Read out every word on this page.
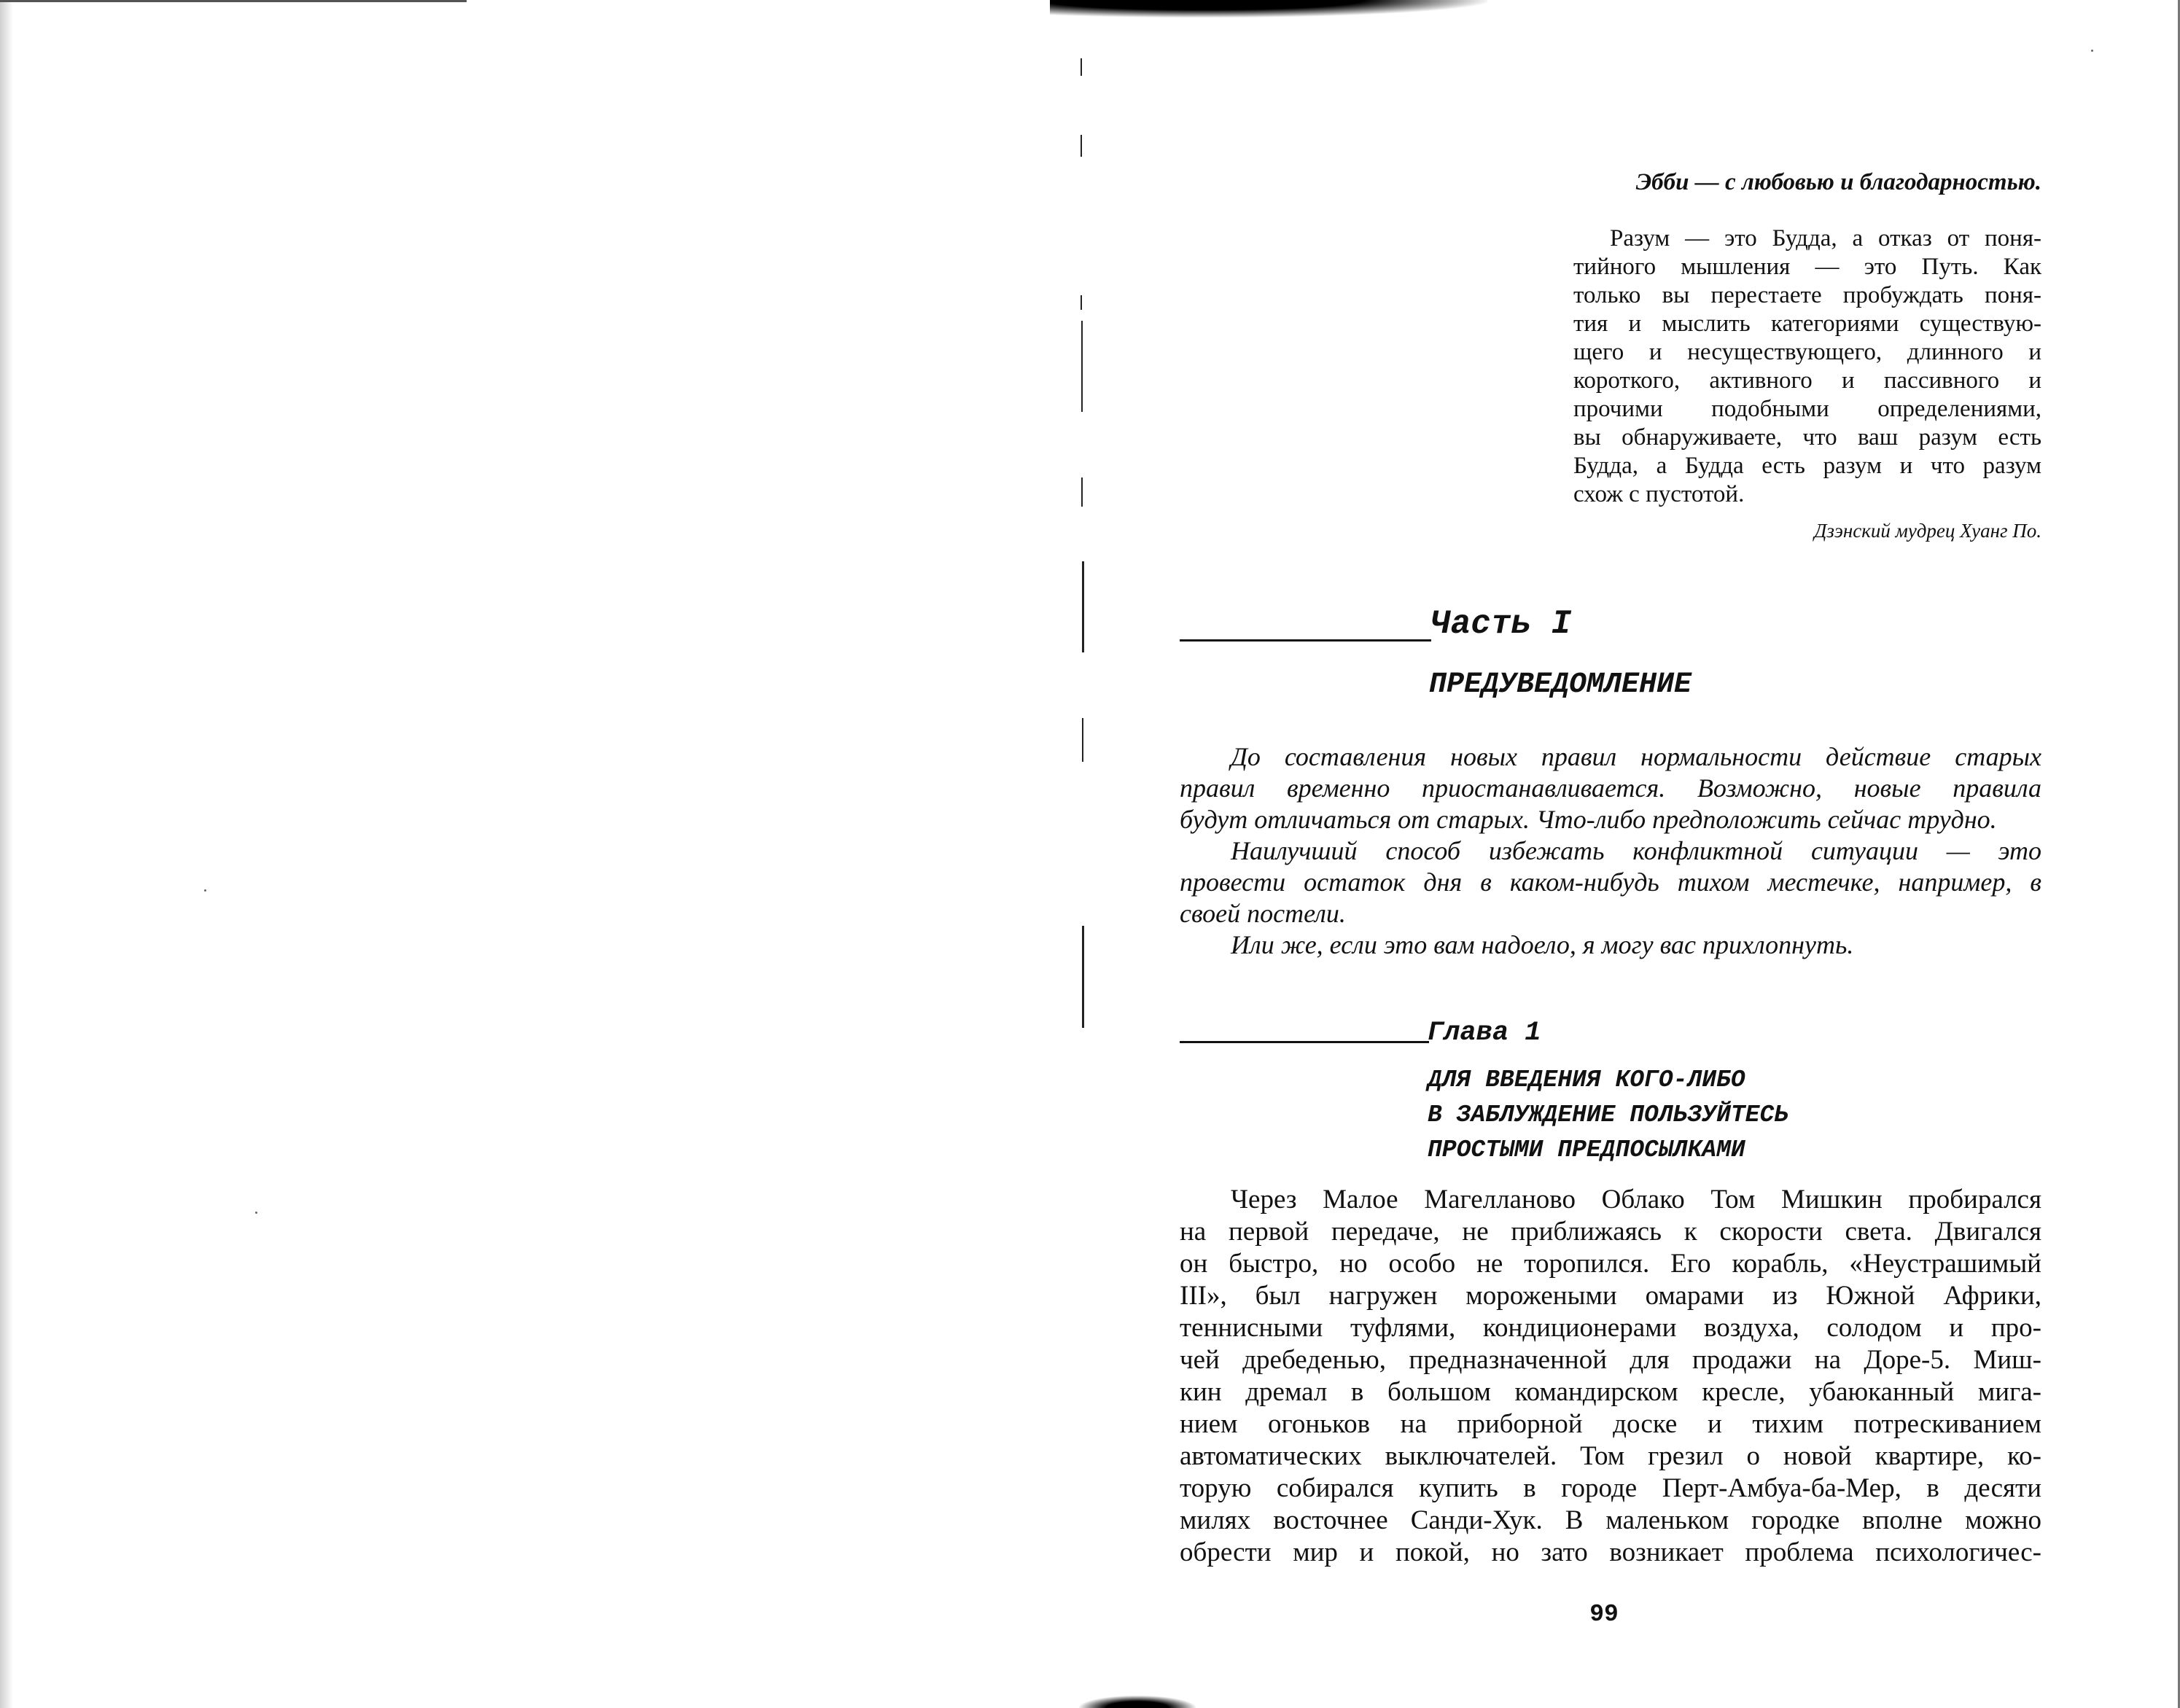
Эбби — с любовью и благодарностью.

Разум — это Будда, а отказ от поня-
тийного мышления — это Путь. Как
только вы перестаете пробуждать поня-
тия и мыслить категориями существую-
щего и несуществующего, длинного и
короткого, активного и пассивного и
прочими подобными определениями,
вы обнаруживаете, что ваш разум есть
Будда, а Будда есть разум и что разум
схож с пустотой.

Дзэнский мудрец Хуанг По.

Часть I
ПРЕДУВЕДОМЛЕНИЕ
До составления новых правил нормальности действие старых
правил временно приостанавливается. Возможно, новые правила
будут отличаться от старых. Что-либо предположить сейчас трудно.
Наилучший способ избежать конфликтной ситуации — это
провести остаток дня в каком-нибудь тихом местечке, например, в
своей постели.
Или же, если это вам надоело, я могу вас прихлопнуть.
Глава 1
ДЛЯ ВВЕДЕНИЯ КОГО-ЛИБО
В ЗАБЛУЖДЕНИЕ ПОЛЬЗУЙТЕСЬ
ПРОСТЫМИ ПРЕДПОСЫЛКАМИ
Через Малое Магелланово Облако Том Мишкин пробирался
на первой передаче, не приближаясь к скорости света. Двигался
он быстро, но особо не торопился. Его корабль, «Неустрашимый
III», был нагружен морожеными омарами из Южной Африки,
теннисными туфлями, кондиционерами воздуха, солодом и про-
чей дребеденью, предназначенной для продажи на Доре-5. Миш-
кин дремал в большом командирском кресле, убаюканный мига-
нием огоньков на приборной доске и тихим потрескиванием
автоматических выключателей. Том грезил о новой квартире, ко-
торую собирался купить в городе Перт-Амбуа-ба-Мер, в десяти
милях восточнее Санди-Хук. В маленьком городке вполне можно
обрести мир и покой, но зато возникает проблема психологичес-

99
